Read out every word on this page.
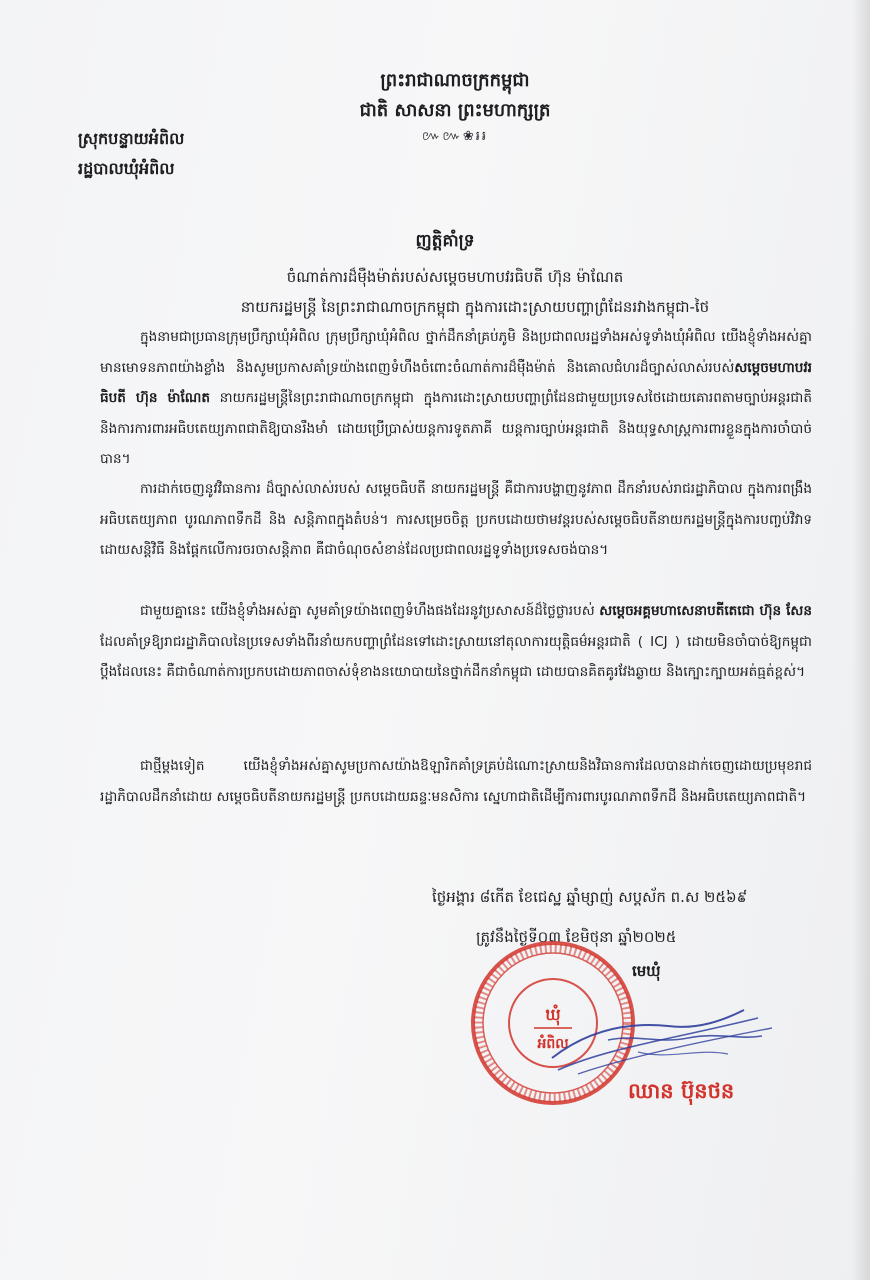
ព្រះរាជាណាចក្រកម្ពុជា
ជាតិ សាសនា ព្រះមហាក្សត្រ
៚៚❀៛៛
ស្រុកបន្ទាយអំពិល
រដ្ឋបាលឃុំអំពិល
ញត្តិគាំទ្រ
ចំណាត់ការដ៏មុឺងម៉ាត់របស់សម្តេចមហាបវរធិបតី ហ៊ុន ម៉ាណែត
នាយករដ្ឋមន្ត្រី នៃព្រះរាជាណាចក្រកម្ពុជា ក្នុងការដោះស្រាយបញ្ហាព្រំដែនរវាងកម្ពុជា-ថៃ
ក្នុងនាមជាប្រធានក្រុមប្រឹក្សាឃុំអំពិល ក្រុមប្រឹក្សាឃុំអំពិល ថ្នាក់ដឹកនាំគ្រប់ភូមិ និងប្រជាពលរដ្ឋទាំងអស់ទូទាំងឃុំអំពិល យើងខ្ញុំទាំងអស់គ្នាមានមោទនភាពយ៉ាងខ្លាំង និងសូមប្រកាសគាំទ្រយ៉ាងពេញទំហឹងចំពោះចំណាត់ការដ៏មុឺងម៉ាត់ និងគោលជំហរដ៏ច្បាស់លាស់របស់សម្តេចមហាបវរធិបតី ហ៊ុន ម៉ាណែត នាយករដ្ឋមន្ត្រីនៃព្រះរាជាណាចក្រកម្ពុជា ក្នុងការដោះស្រាយបញ្ហាព្រំដែនជាមួយប្រទេសថៃដោយគោរពតាមច្បាប់អន្តរជាតិ និងការការពារអធិបតេយ្យភាពជាតិឱ្យបានរឹងមាំ ដោយប្រើប្រាស់យន្តការទូតភាគី យន្តការច្បាប់អន្តរជាតិ និងយុទ្ធសាស្ត្រការពារខ្លួនក្នុងការចាំបាច់បាន។
ការដាក់ចេញនូវវិធានការ ដ៏ច្បាស់លាស់របស់ សម្តេចធិបតី នាយករដ្ឋមន្ត្រី គឺជាការបង្ហាញនូវភាព ដឹកនាំរបស់រាជរដ្ឋាភិបាល ក្នុងការពង្រឹងអធិបតេយ្យភាព បូរណភាពទឹកដី និង សន្តិភាពក្នុងតំបន់។ ការសម្រេចចិត្ត ប្រកបដោយថាមវន្តរបស់សម្តេចធិបតីនាយករដ្ឋមន្ត្រីក្នុងការបញ្ចប់វិវាទដោយសន្តិវិធី និងផ្តែកលើការចរចាសន្តិភាព គឺជាចំណុចសំខាន់ដែលប្រជាពលរដ្ឋទូទាំងប្រទេសចង់បាន។
ជាមួយគ្នានេះ យើងខ្ញុំទាំងអស់គ្នា សូមគាំទ្រយ៉ាងពេញទំហឹងផងដែរនូវប្រសាសន៍ដ៏ថ្លៃថ្លារបស់ សម្តេចអគ្គមហាសេនាបតីតេជោ ហ៊ុន សែន ដែលគាំទ្រឱ្យរាជរដ្ឋាភិបាលនៃប្រទេសទាំងពីរនាំយកបញ្ហាព្រំដែនទៅដោះស្រាយនៅតុលាការយុត្តិធម៌អន្តរជាតិ ( ICJ ) ដោយមិនចាំបាច់ឱ្យកម្ពុជាប្តឹងដែលនេះ គឺជាចំណាត់ការប្រកបដោយភាពចាស់ទុំខាងនយោបាយនៃថ្នាក់ដឹកនាំកម្ពុជា ដោយបានគិតគូរវែងឆ្ងាយ និងក្បោះក្បាយអត់ធ្មត់ខ្ពស់។
ជាថ្មីម្តងទៀត យើងខ្ញុំទាំងអស់គ្នាសូមប្រកាសយ៉ាងឱឡារិកគាំទ្រគ្រប់ដំណោះស្រាយនិងវិធានការដែលបានដាក់ចេញដោយប្រមុខរាជរដ្ឋាភិបាលដឹកនាំដោយ សម្តេចធិបតីនាយករដ្ឋមន្ត្រី ប្រកបដោយឆន្ទៈមនសិការ ស្នេហាជាតិដើម្បីការពារបូរណភាពទឹកដី និងអធិបតេយ្យភាពជាតិ។
ថ្ងៃអង្គារ ៨កើត ខែជេស្ឋ ឆ្នាំម្សាញ់ សប្តស័ក ព.ស ២៥៦៩
ត្រូវនឹងថ្ងៃទី០៣ ខែមិថុនា ឆ្នាំ២០២៥
មេឃុំ
ឃុំ
អំពិល
ឈាន ប៊ុនថន
